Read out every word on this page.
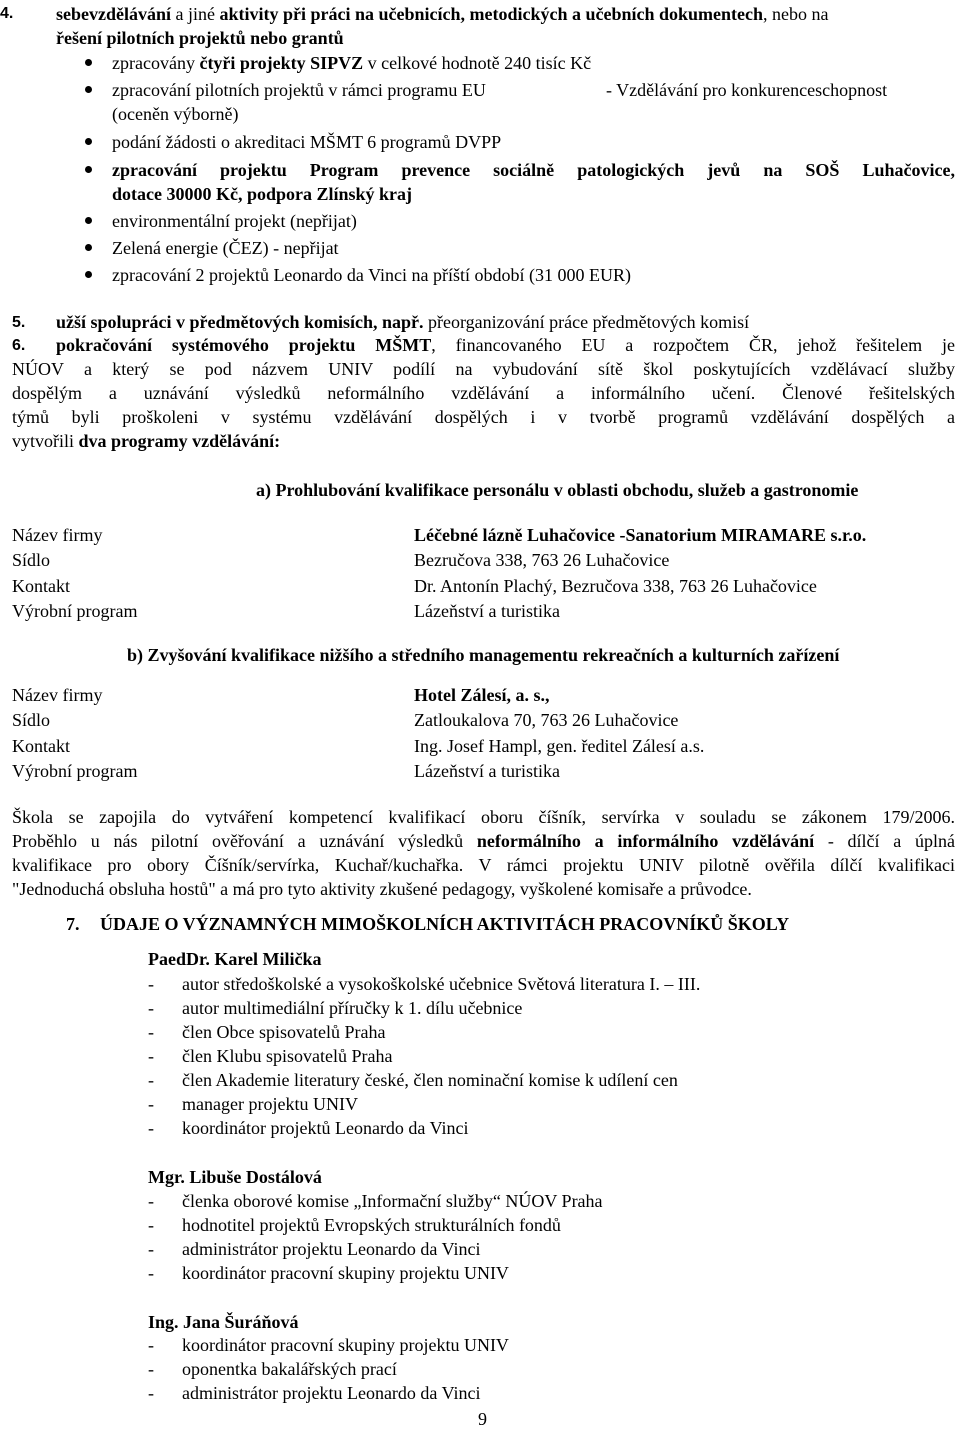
4. sebevzdělávání a jiné aktivity při práci na učebnicích, metodických a učebních dokumentech, nebo na
řešení pilotních projektů nebo grantů
zpracovány čtyři projekty SIPVZ v celkové hodnotě 240 tisíc Kč
zpracování pilotních projektů v rámci programu EU	- Vzdělávání pro konkurenceschopnost
(oceněn výborně)
podání žádosti o akreditaci MŠMT 6 programů DVPP
zpracování projektu Program prevence sociálně patologických jevů na SOŠ Luhačovice,
dotace 30000 Kč, podpora Zlínský kraj
environmentální projekt (nepřijat)
Zelená energie (ČEZ) - nepřijat
zpracování 2 projektů Leonardo da Vinci na příští období (31 000 EUR)
5. užší spolupráci v předmětových komisích, např. přeorganizování práce předmětových komisí
6. pokračování systémového projektu MŠMT, financovaného EU a rozpočtem ČR, jehož řešitelem je
NÚOV a který se pod názvem UNIV podílí na vybudování sítě škol poskytujících vzdělávací služby
dospělým a uznávání výsledků neformálního vzdělávání a informálního učení. Členové řešitelských
týmů byli proškoleni v systému vzdělávání dospělých i v tvorbě programů vzdělávání dospělých a
vytvořili dva programy vzdělávání:
a) Prohlubování kvalifikace personálu v oblasti obchodu, služeb a gastronomie
Název firmy	Léčebné lázně Luhačovice -Sanatorium MIRAMARE s.r.o.
Sídlo	Bezručova 338, 763 26 Luhačovice
Kontakt	Dr. Antonín Plachý, Bezručova 338, 763 26 Luhačovice
Výrobní program	Lázeňství a turistika
b) Zvyšování kvalifikace nižšího a středního managementu rekreačních a kulturních zařízení
Název firmy	Hotel Zálesí, a. s.,
Sídlo	Zatloukalova 70, 763 26 Luhačovice
Kontakt	Ing. Josef Hampl, gen. ředitel Zálesí a.s.
Výrobní program	Lázeňství a turistika
Škola se zapojila do vytváření kompetencí kvalifikací oboru číšník, servírka v souladu se zákonem 179/2006.
Proběhlo u nás pilotní ověřování a uznávání výsledků neformálního a informálního vzdělávání - dílčí a úplná
kvalifikace pro obory Číšník/servírka, Kuchař/kuchařka. V rámci projektu UNIV pilotně ověřila dílčí kvalifikaci
"Jednoduchá obsluha hostů" a má pro tyto aktivity zkušené pedagogy, vyškolené komisaře a průvodce.
7. ÚDAJE O VÝZNAMNÝCH MIMOŠKOLNÍCH AKTIVITÁCH PRACOVNÍKŮ ŠKOLY
PaedDr. Karel Milička
- autor středoškolské a vysokoškolské učebnice Světová literatura I. – III.
- autor multimediální příručky k 1. dílu učebnice
- člen Obce spisovatelů Praha
- člen Klubu spisovatelů Praha
- člen Akademie literatury české, člen nominační komise k udílení cen
- manager projektu UNIV
- koordinátor projektů Leonardo da Vinci
Mgr. Libuše Dostálová
- členka oborové komise „Informační služby“ NÚOV Praha
- hodnotitel projektů Evropských strukturálních fondů
- administrátor projektu Leonardo da Vinci
- koordinátor pracovní skupiny projektu UNIV
Ing. Jana Šuráňová
- koordinátor pracovní skupiny projektu UNIV
- oponentka bakalářských prací
- administrátor projektu Leonardo da Vinci
9
